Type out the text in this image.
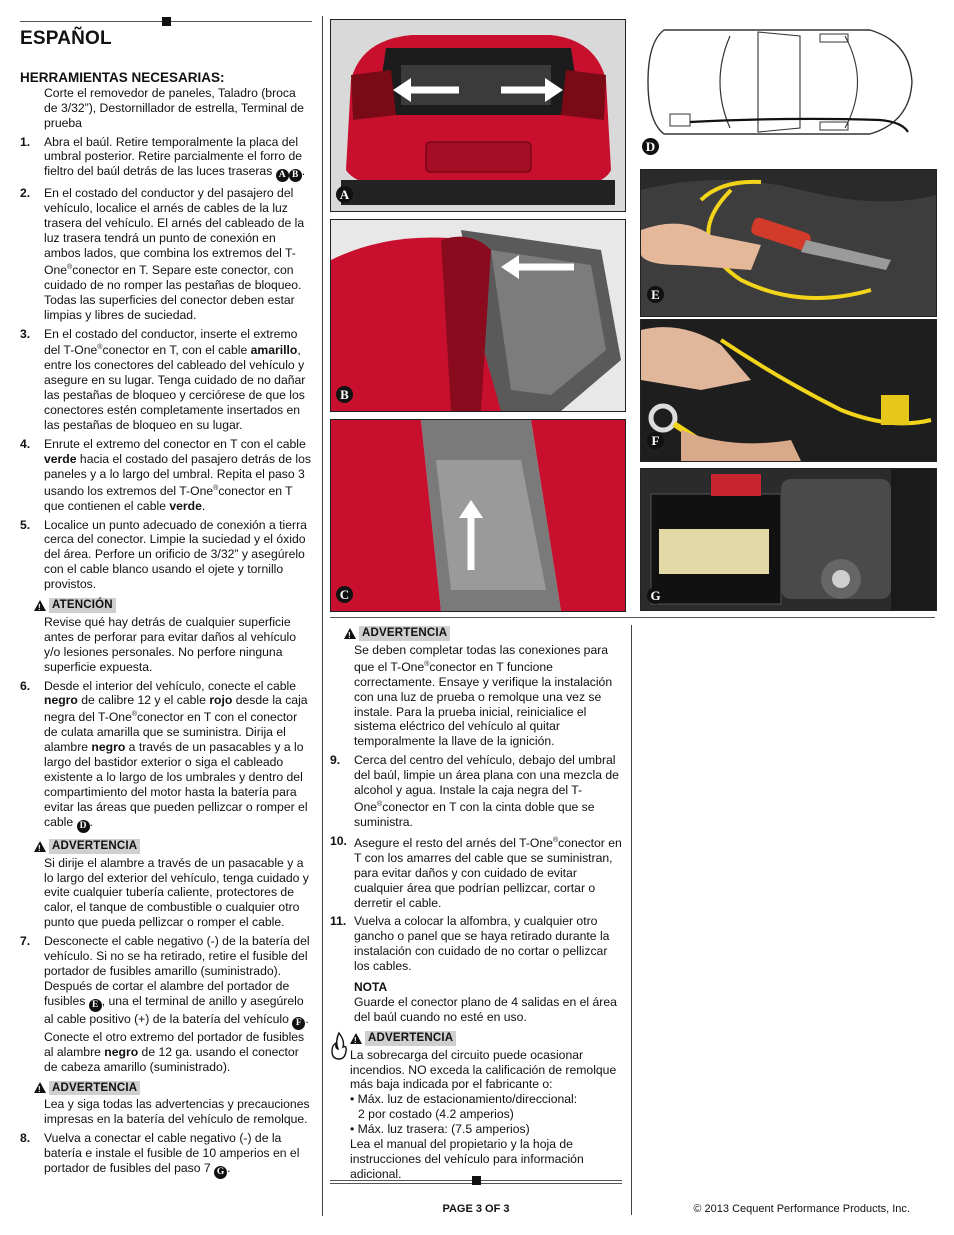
ESPAÑOL
HERRAMIENTAS NECESARIAS:
Corte el removedor de paneles, Taladro (broca de 3/32”), Destornillador de estrella, Terminal de prueba
1.	Abra el baúl. Retire temporalmente la placa del umbral posterior. Retire parcialmente el forro de fieltro del baúl detrás de las luces traseras A B .
2.	En el costado del conductor y del pasajero del vehículo, localice el arnés de cables de la luz trasera del vehículo. El arnés del cableado de la luz trasera tendrá un punto de conexión en ambos lados, que combina los extremos del T-One®conector en T. Separe este conector, con cuidado de no romper las pestañas de bloqueo. Todas las superficies del conector deben estar limpias y libres de suciedad.
3.	En el costado del conductor, inserte el extremo del T-One®conector en T, con el cable amarillo, entre los conectores del cableado del vehículo y asegure en su lugar. Tenga cuidado de no dañar las pestañas de bloqueo y cerciórese de que los conectores estén completamente insertados en las pestañas de bloqueo en su lugar.
4.	Enrute el extremo del conector en T con el cable verde hacia el costado del pasajero detrás de los paneles y a lo largo del umbral. Repita el paso 3 usando los extremos del T-One®conector en T que contienen el cable verde.
5.	Localice un punto adecuado de conexión a tierra cerca del conector. Limpie la suciedad y el óxido del área. Perfore un orificio de 3/32” y asegúrelo con el cable blanco usando el ojete y tornillo provistos.
!
ATENCIÓN
Revise qué hay detrás de cualquier superficie antes de perforar para evitar daños al vehículo y/o lesiones personales. No perfore ninguna superficie expuesta.
6.	Desde el interior del vehículo, conecte el cable negro de calibre 12 y el cable rojo desde la caja negra del T-One®conector en T con el conector de culata amarilla que se suministra. Dirija el alambre negro a través de un pasacables y a lo largo del bastidor exterior o siga el cableado existente a lo largo de los umbrales y dentro del compartimiento del motor hasta la batería para evitar las áreas que pueden pellizcar o romper el cable D .
!
ADVERTENCIA
Si dirije el alambre a través de un pasacable y a lo largo del exterior del vehículo, tenga cuidado y evite cualquier tubería caliente, protectores de calor, el tanque de combustible o cualquier otro punto que pueda pellizcar o romper el cable.
7.	Desconecte el cable negativo (-) de la batería del vehículo. Si no se ha retirado, retire el fusible del portador de fusibles amarillo (suministrado). Después de cortar el alambre del portador de fusibles E , una el terminal de anillo y asegúrelo al cable positivo (+) de la batería del vehículo F . Conecte el otro extremo del portador de fusibles al alambre negro de 12 ga. usando el conector de cabeza amarillo (suministrado).
!
ADVERTENCIA
Lea y siga todas las advertencias y precauciones impresas en la batería del vehículo de remolque.
8.	Vuelva a conectar el cable negativo (-) de la batería e instale el fusible de 10 amperios en el portador de fusibles del paso 7 G .
A
B
C
D
E
F
G
!
ADVERTENCIA
Se deben completar todas las conexiones para que el T-One®conector en T funcione correctamente. Ensaye y verifique la instalación con una luz de prueba o remolque una vez se instale. Para la prueba inicial, reinicialice el sistema eléctrico del vehículo al quitar temporalmente la llave de la ignición.
9.	Cerca del centro del vehículo, debajo del umbral del baúl, limpie un área plana con una mezcla de alcohol y agua. Instale la caja negra del T-One®conector en T con la cinta doble que se suministra.
10. Asegure el resto del arnés del T-One®conector en T con los amarres del cable que se suministran, para evitar daños y con cuidado de evitar cualquier área que podrían pellizcar, cortar o derretir el cable.
11. Vuelva a colocar la alfombra, y cualquier otro gancho o panel que se haya retirado durante la instalación con cuidado de no cortar o pellizcar los cables.
NOTA
Guarde el conector plano de 4 salidas en el área del baúl cuando no esté en uso.
!
ADVERTENCIA
La sobrecarga del circuito puede ocasionar incendios. NO exceda la calificación de remolque más baja indicada por el fabricante o:
• Máx. luz de estacionamiento/direccional:
2 por costado (4.2 amperios)
• Máx. luz trasera: (7.5 amperios)
Lea el manual del propietario y la hoja de instrucciones del vehículo para información adicional.
PAGE 3 OF 3	© 2013 Cequent Performance Products, Inc.
